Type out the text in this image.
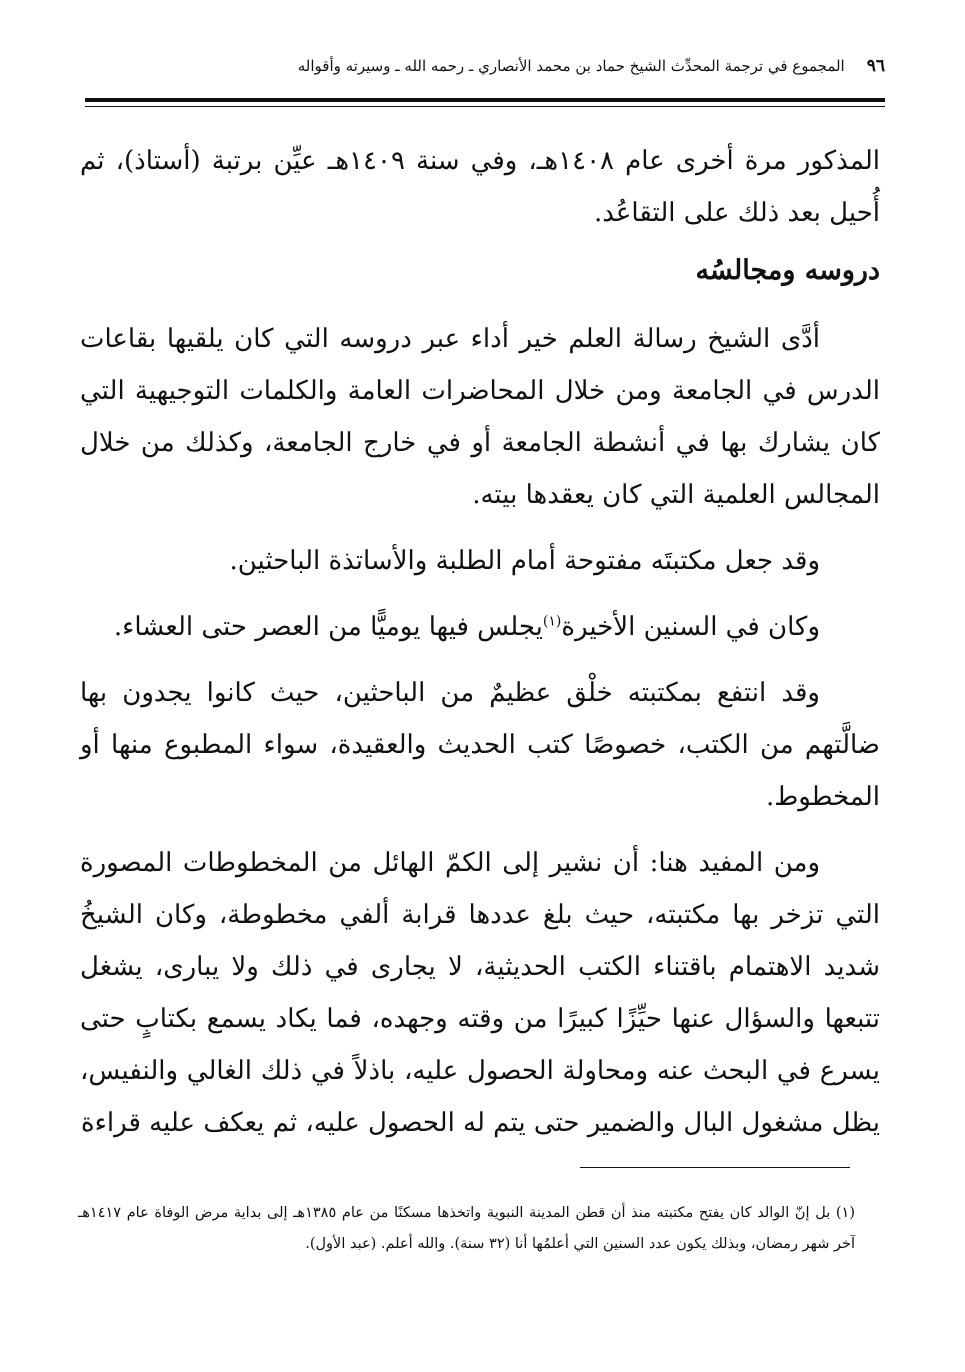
٩٦
المجموع في ترجمة المحدِّث الشيخ حماد بن محمد الأنصاري ـ رحمه الله ـ وسيرته وأقواله

المذكور مرة أخرى عام ١٤٠٨هـ، وفي سنة ١٤٠٩هـ عيِّن برتبة (أستاذ)، ثم أُحيل بعد ذلك على التقاعُد.

دروسه ومجالسُه

أدَّى الشيخ رسالة العلم خير أداء عبر دروسه التي كان يلقيها بقاعات الدرس في الجامعة ومن خلال المحاضرات العامة والكلمات التوجيهية التي كان يشارك بها في أنشطة الجامعة أو في خارج الجامعة، وكذلك من خلال المجالس العلمية التي كان يعقدها بيته.

وقد جعل مكتبتَه مفتوحة أمام الطلبة والأساتذة الباحثين.

وكان في السنين الأخيرة$^{(١)}$يجلس فيها يوميًّا من العصر حتى العشاء.

وقد انتفع بمكتبته خلْق عظيمٌ من الباحثين، حيث كانوا يجدون بها ضالَّتهم من الكتب، خصوصًا كتب الحديث والعقيدة، سواء المطبوع منها أو المخطوط.

ومن المفيد هنا: أن نشير إلى الكمّ الهائل من المخطوطات المصورة التي تزخر بها مكتبته، حيث بلغ عددها قرابة ألفي مخطوطة، وكان الشيخُ شديد الاهتمام باقتناء الكتب الحديثية، لا يجارى في ذلك ولا يبارى، يشغل تتبعها والسؤال عنها حيِّزًا كبيرًا من وقته وجهده، فما يكاد يسمع بكتابٍ حتى يسرع في البحث عنه ومحاولة الحصول عليه، باذلاً في ذلك الغالي والنفيس، يظل مشغول البال والضمير حتى يتم له الحصول عليه، ثم يعكف عليه قراءة

(١) بل إنّ الوالد كان يفتح مكتبته منذ أن قطن المدينة النبوية واتخذها مسكنًا من عام ١٣٨٥هـ إلى بداية مرض الوفاة عام ١٤١٧هـ آخر شهر رمضان، وبذلك يكون عدد السنين التي أعلمُها أنا (٣٢ سنة). والله أعلم. (عبد الأول).
